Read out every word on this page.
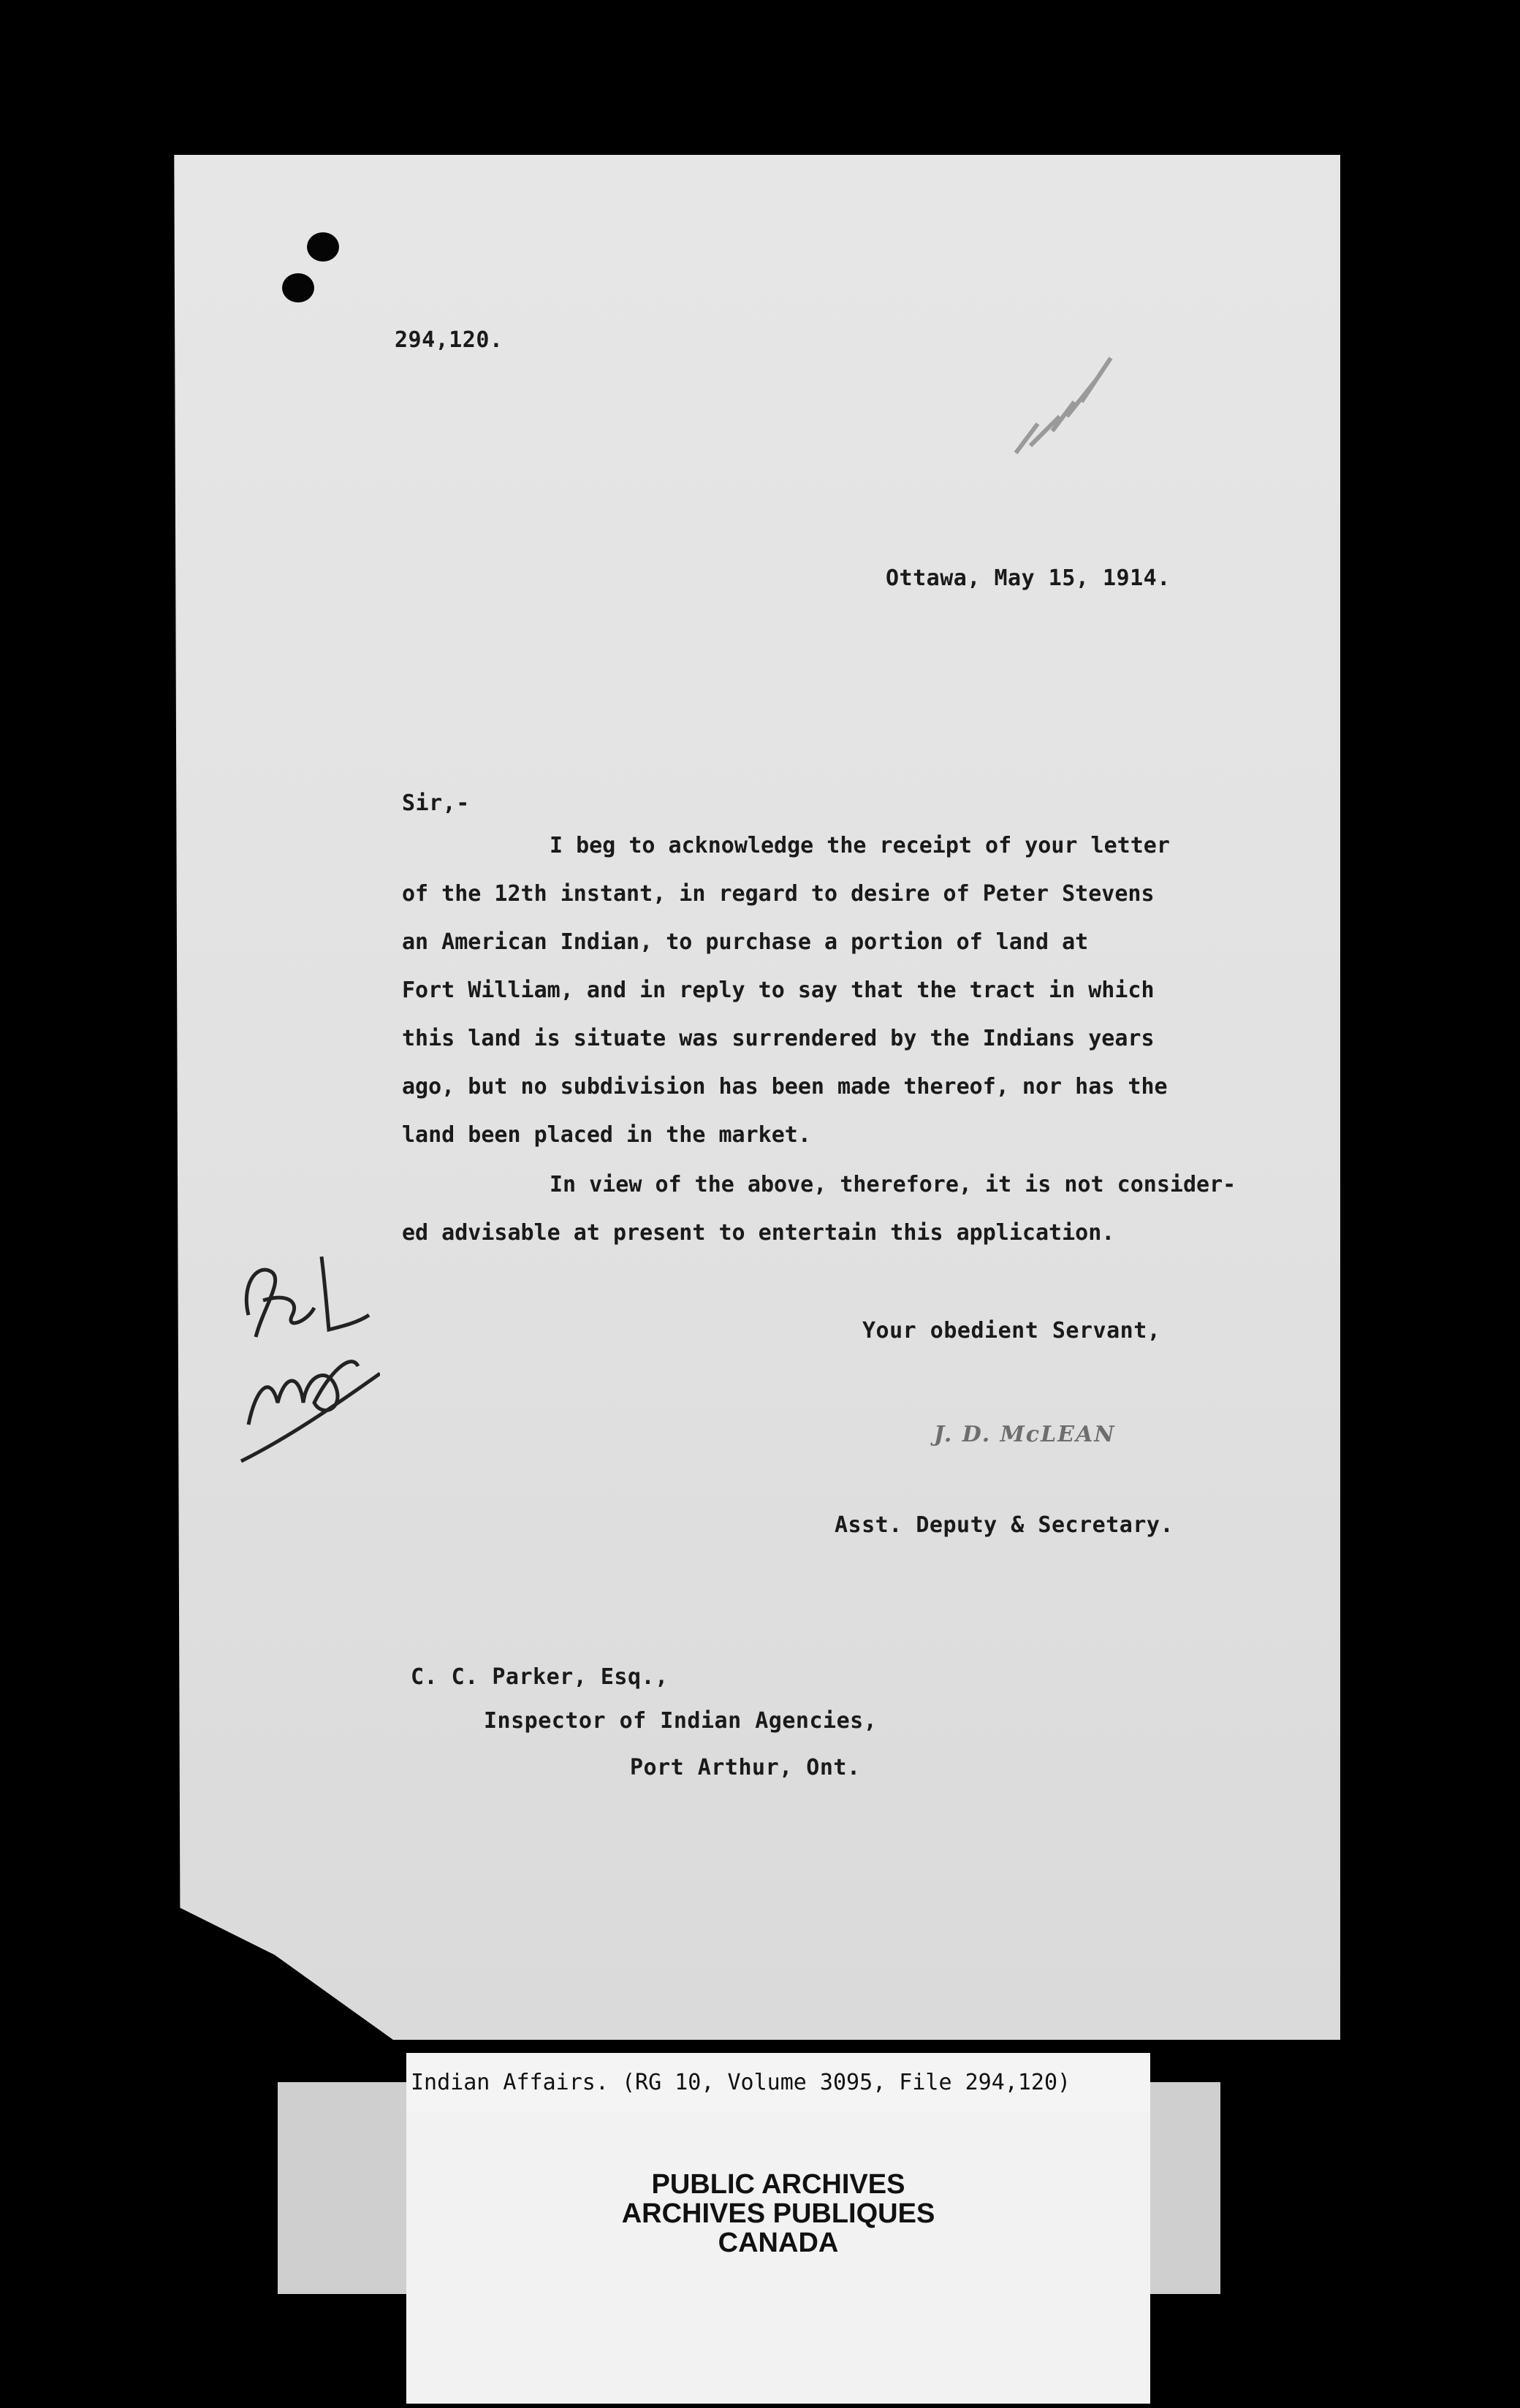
294,120.
Ottawa, May 15, 1914.
Sir,-
I beg to acknowledge the receipt of your letter
of the 12th instant, in regard to desire of Peter Stevens
an American Indian, to purchase a portion of land at
Fort William, and in reply to say that the tract in which
this land is situate was surrendered by the Indians years
ago, but no subdivision has been made thereof, nor has the
land been placed in the market.
In view of the above, therefore, it is not consider-
ed advisable at present to entertain this application.
Your obedient Servant,
J. D. McLEAN
Asst. Deputy & Secretary.
C. C. Parker, Esq.,
Inspector of Indian Agencies,
Port Arthur, Ont.
Indian Affairs. (RG 10, Volume 3095, File 294,120)
PUBLIC ARCHIVES
ARCHIVES PUBLIQUES
CANADA
